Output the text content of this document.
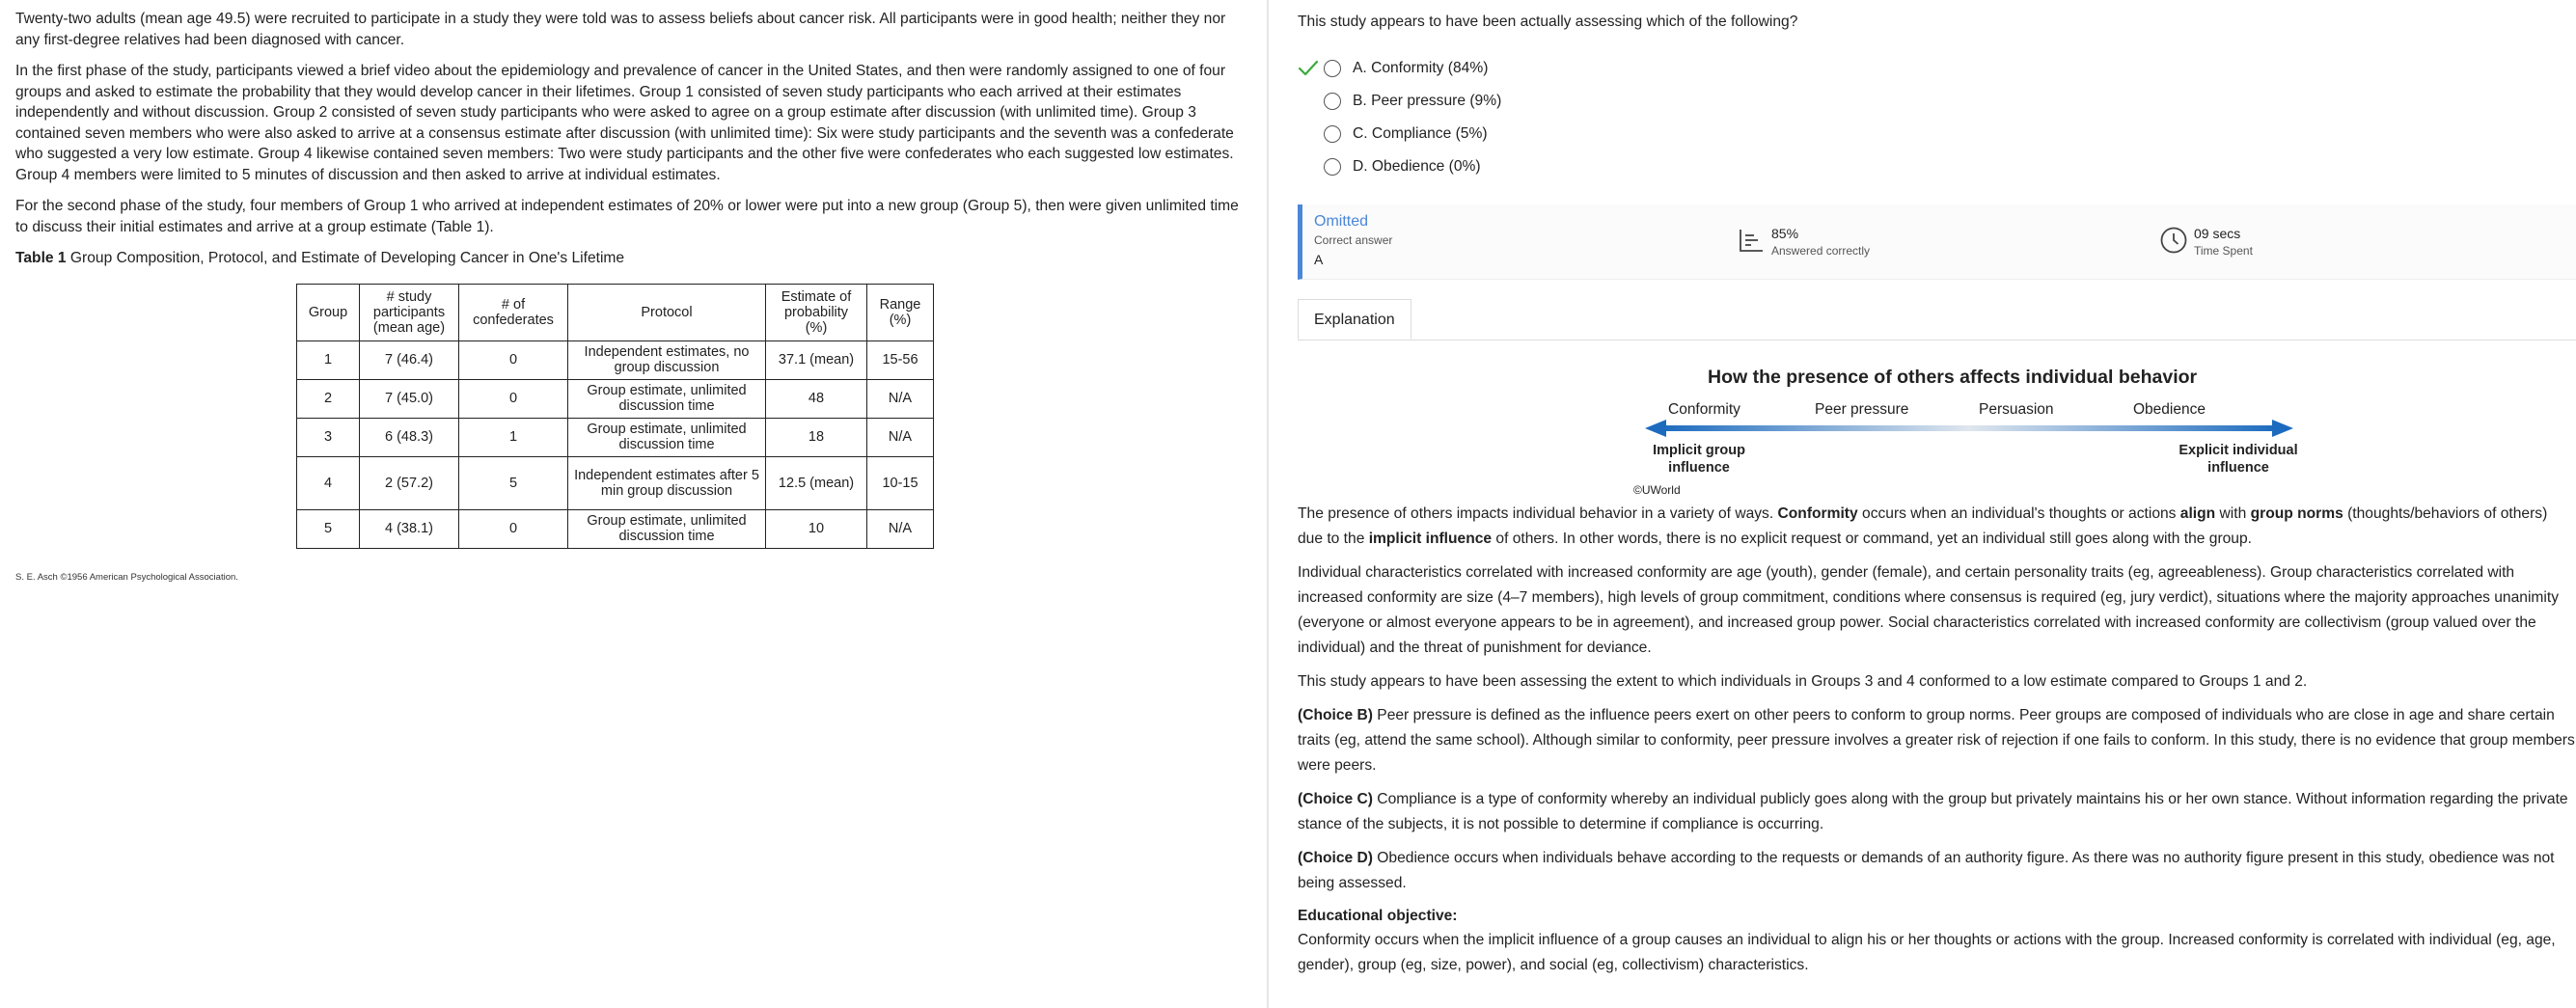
Twenty-two adults (mean age 49.5) were recruited to participate in a study they were told was to assess beliefs about cancer risk. All participants were in good health; neither they nor any first-degree relatives had been diagnosed with cancer.

In the first phase of the study, participants viewed a brief video about the epidemiology and prevalence of cancer in the United States, and then were randomly assigned to one of four groups and asked to estimate the probability that they would develop cancer in their lifetimes. Group 1 consisted of seven study participants who each arrived at their estimates independently and without discussion. Group 2 consisted of seven study participants who were asked to agree on a group estimate after discussion (with unlimited time). Group 3 contained seven members who were also asked to arrive at a consensus estimate after discussion (with unlimited time): Six were study participants and the seventh was a confederate who suggested a very low estimate. Group 4 likewise contained seven members: Two were study participants and the other five were confederates who each suggested low estimates. Group 4 members were limited to 5 minutes of discussion and then asked to arrive at individual estimates.

For the second phase of the study, four members of Group 1 who arrived at independent estimates of 20% or lower were put into a new group (Group 5), then were given unlimited time to discuss their initial estimates and arrive at a group estimate (Table 1).

Table 1 Group Composition, Protocol, and Estimate of Developing Cancer in One's Lifetime
Group	# study participants (mean age)	# of confederates	Protocol	Estimate of probability (%)	Range (%)
1	7 (46.4)	0	Independent estimates, no group discussion	37.1 (mean)	15-56
2	7 (45.0)	0	Group estimate, unlimited discussion time	48	N/A
3	6 (48.3)	1	Group estimate, unlimited discussion time	18	N/A
4	2 (57.2)	5	Independent estimates after 5 min group discussion	12.5 (mean)	10-15
5	4 (38.1)	0	Group estimate, unlimited discussion time	10	N/A
S. E. Asch ©1956 American Psychological Association.
This study appears to have been actually assessing which of the following?
A. Conformity (84%)
B. Peer pressure (9%)
C. Compliance (5%)
D. Obedience (0%)
Omitted
Correct answer
A
85%
Answered correctly
09 secs
Time Spent
Explanation
How the presence of others affects individual behavior
Conformity	Peer pressure	Persuasion	Obedience
Implicit group influence
Explicit individual influence
©UWorld

The presence of others impacts individual behavior in a variety of ways. Conformity occurs when an individual's thoughts or actions align with group norms (thoughts/behaviors of others) due to the implicit influence of others. In other words, there is no explicit request or command, yet an individual still goes along with the group.

Individual characteristics correlated with increased conformity are age (youth), gender (female), and certain personality traits (eg, agreeableness). Group characteristics correlated with increased conformity are size (4–7 members), high levels of group commitment, conditions where consensus is required (eg, jury verdict), situations where the majority approaches unanimity (everyone or almost everyone appears to be in agreement), and increased group power. Social characteristics correlated with increased conformity are collectivism (group valued over the individual) and the threat of punishment for deviance.

This study appears to have been assessing the extent to which individuals in Groups 3 and 4 conformed to a low estimate compared to Groups 1 and 2.

(Choice B) Peer pressure is defined as the influence peers exert on other peers to conform to group norms. Peer groups are composed of individuals who are close in age and share certain traits (eg, attend the same school). Although similar to conformity, peer pressure involves a greater risk of rejection if one fails to conform. In this study, there is no evidence that group members were peers.

(Choice C) Compliance is a type of conformity whereby an individual publicly goes along with the group but privately maintains his or her own stance. Without information regarding the private stance of the subjects, it is not possible to determine if compliance is occurring.

(Choice D) Obedience occurs when individuals behave according to the requests or demands of an authority figure. As there was no authority figure present in this study, obedience was not being assessed.

Educational objective:

Conformity occurs when the implicit influence of a group causes an individual to align his or her thoughts or actions with the group. Increased conformity is correlated with individual (eg, age, gender), group (eg, size, power), and social (eg, collectivism) characteristics.
